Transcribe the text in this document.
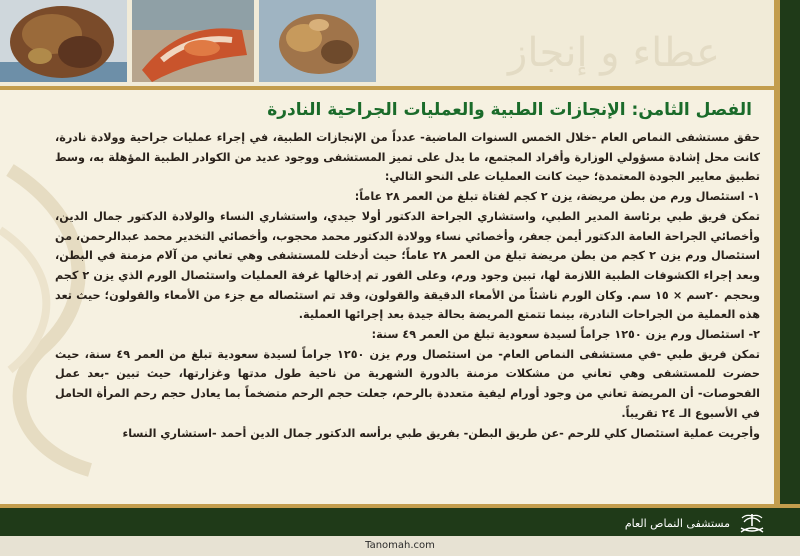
عطاء و إنجاز
الفصل الثامن: الإنجازات الطبية والعمليات الجراحية النادرة

حقق مستشفى النماص العام -خلال الخمس السنوات الماضية- عدداً من الإنجازات الطبية، في إجراء عمليات جراحية وولادة نادرة، كانت محل إشادة مسؤولي الوزارة وأفراد المجتمع، ما يدل على تميز المستشفى ووجود عديد من الكوادر الطبية المؤهلة به، وسط تطبيق معايير الجودة المعتمدة؛ حيث كانت العمليات على النحو التالي:

١- استئصال ورم من بطن مريضة، يزن ٢ كجم لفتاة تبلغ من العمر ٢٨ عاماً:

تمكن فريق طبي برئاسة المدير الطبي، واستشاري الجراحة الدكتور أولا جيدي، واستشاري النساء والولادة الدكتور جمال الدين، وأخصائي الجراحة العامة الدكتور أيمن جعفر، وأخصائي نساء وولادة الدكتور محمد محجوب، وأخصائي التخدير محمد عبدالرحمن، من استئصال ورم يزن ٢ كجم من بطن مريضة تبلغ من العمر ٢٨ عاماً؛ حيث أدخلت للمستشفى وهي تعاني من آلام مزمنة في البطن، وبعد إجراء الكشوفات الطبية اللازمة لها، تبين وجود ورم، وعلى الفور تم إدخالها غرفة العمليات واستئصال الورم الذي يزن ٢ كجم وبحجم ٢٠سم × ١٥ سم. وكان الورم ناشئاً من الأمعاء الدقيقة والقولون، وقد تم استئصاله مع جزء من الأمعاء والقولون؛ حيث تعد هذه العملية من الجراحات النادرة، بينما تتمتع المريضة بحالة جيدة بعد إجرائها العملية.

٢- استئصال ورم يزن ١٢٥٠ جراماً لسيدة سعودية تبلغ من العمر ٤٩ سنة:

تمكن فريق طبي -في مستشفى النماص العام- من استئصال ورم يزن ١٢٥٠ جراماً لسيدة سعودية تبلغ من العمر ٤٩ سنة، حيث حضرت للمستشفى وهي تعاني من مشكلات مزمنة بالدورة الشهرية من ناحية طول مدتها وغزارتها، حيث تبين -بعد عمل الفحوصات- أن المريضة تعاني من وجود أورام ليفية متعددة بالرحم، جعلت حجم الرحم متضخماً بما يعادل حجم رحم المرأة الحامل في الأسبوع الـ ٢٤ تقريباً.

وأجريت عملية استئصال كلي للرحم -عن طريق البطن- بفريق طبي برأسه الدكتور جمال الدين أحمد -استشاري النساء

مستشفى النماص العام
Tanomah.com
